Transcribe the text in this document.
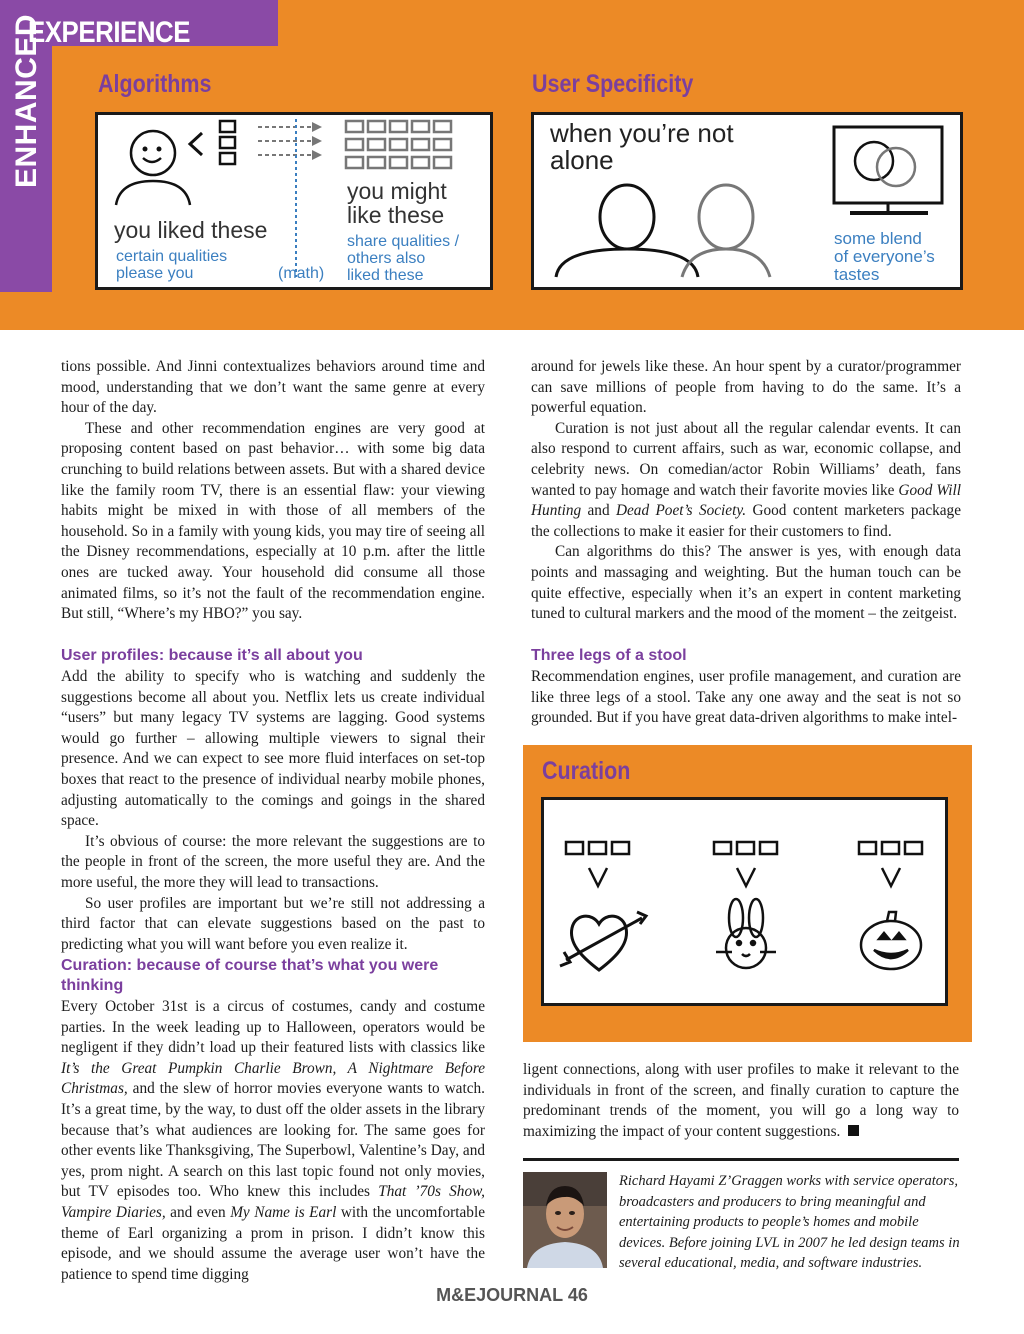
EXPERIENCE
ENHANCED Algorithms
you liked these
certain qualities
please you	(math)
you might
like these
share qualities /
others also
liked these
User Specificity
when you’re not
alone
some blend
of everyone’s
tastes

tions possible. And Jinni contextualizes behaviors around time and mood, understanding that we don’t want the same genre at every hour of the day.

These and other recommendation engines are very good at proposing content based on past behavior… with some big data crunching to build relations between assets. But with a shared device like the family room TV, there is an essential flaw: your viewing habits might be mixed in with those of all members of the household. So in a family with young kids, you may tire of seeing all the Disney recommendations, especially at 10 p.m. after the little ones are tucked away. Your household did consume all those animated films, so it’s not the fault of the recommendation engine. But still, “Where’s my HBO?” you say.

User profiles: because it’s all about you

Add the ability to specify who is watching and suddenly the suggestions become all about you. Netflix lets us create individual “users” but many legacy TV systems are lagging. Good systems would go further – allowing multiple viewers to signal their presence. And we can expect to see more fluid interfaces on set-top boxes that react to the presence of individual nearby mobile phones, adjusting automatically to the comings and goings in the shared space.

It’s obvious of course: the more relevant the suggestions are to the people in front of the screen, the more useful they are. And the more useful, the more they will lead to transactions.

So user profiles are important but we’re still not addressing a third factor that can elevate suggestions based on the past to predicting what you will want before you even realize it.

Curation: because of course that’s what you were thinking

Every October 31st is a circus of costumes, candy and costume parties. In the week leading up to Halloween, operators would be negligent if they didn’t load up their featured lists with classics like It’s the Great Pumpkin Charlie Brown, A Nightmare Before Christmas, and the slew of horror movies everyone wants to watch. It’s a great time, by the way, to dust off the older assets in the library because that’s what audiences are looking for. The same goes for other events like Thanksgiving, The Superbowl, Valentine’s Day, and yes, prom night. A search on this last topic found not only movies, but TV episodes too. Who knew this includes That ’70s Show, Vampire Diaries, and even My Name is Earl with the uncomfortable theme of Earl organizing a prom in prison. I didn’t know this episode, and we should assume the average user won’t have the patience to spend time digging

around for jewels like these. An hour spent by a curator/programmer can save millions of people from having to do the same. It’s a powerful equation.

Curation is not just about all the regular calendar events. It can also respond to current affairs, such as war, economic collapse, and celebrity news. On comedian/actor Robin Williams’ death, fans wanted to pay homage and watch their favorite movies like Good Will Hunting and Dead Poet’s Society. Good content marketers package the collections to make it easier for their customers to find.

Can algorithms do this? The answer is yes, with enough data points and massaging and weighting. But the human touch can be quite effective, especially when it’s an expert in content marketing tuned to cultural markers and the mood of the moment – the zeitgeist.

Three legs of a stool

Recommendation engines, user profile management, and curation are like three legs of a stool. Take any one away and the seat is not so grounded. But if you have great data-driven algorithms to make intel-

Curation

ligent connections, along with user profiles to make it relevant to the individuals in front of the screen, and finally curation to capture the predominant trends of the moment, you will go a long way to maximizing the impact of your content suggestions.

Richard Hayami Z’Graggen works with service operators, broadcasters and producers to bring meaningful and entertaining products to people’s homes and mobile devices. Before joining LVL in 2007 he led design teams in several educational, media, and software industries.
M&EJOURNAL 46
